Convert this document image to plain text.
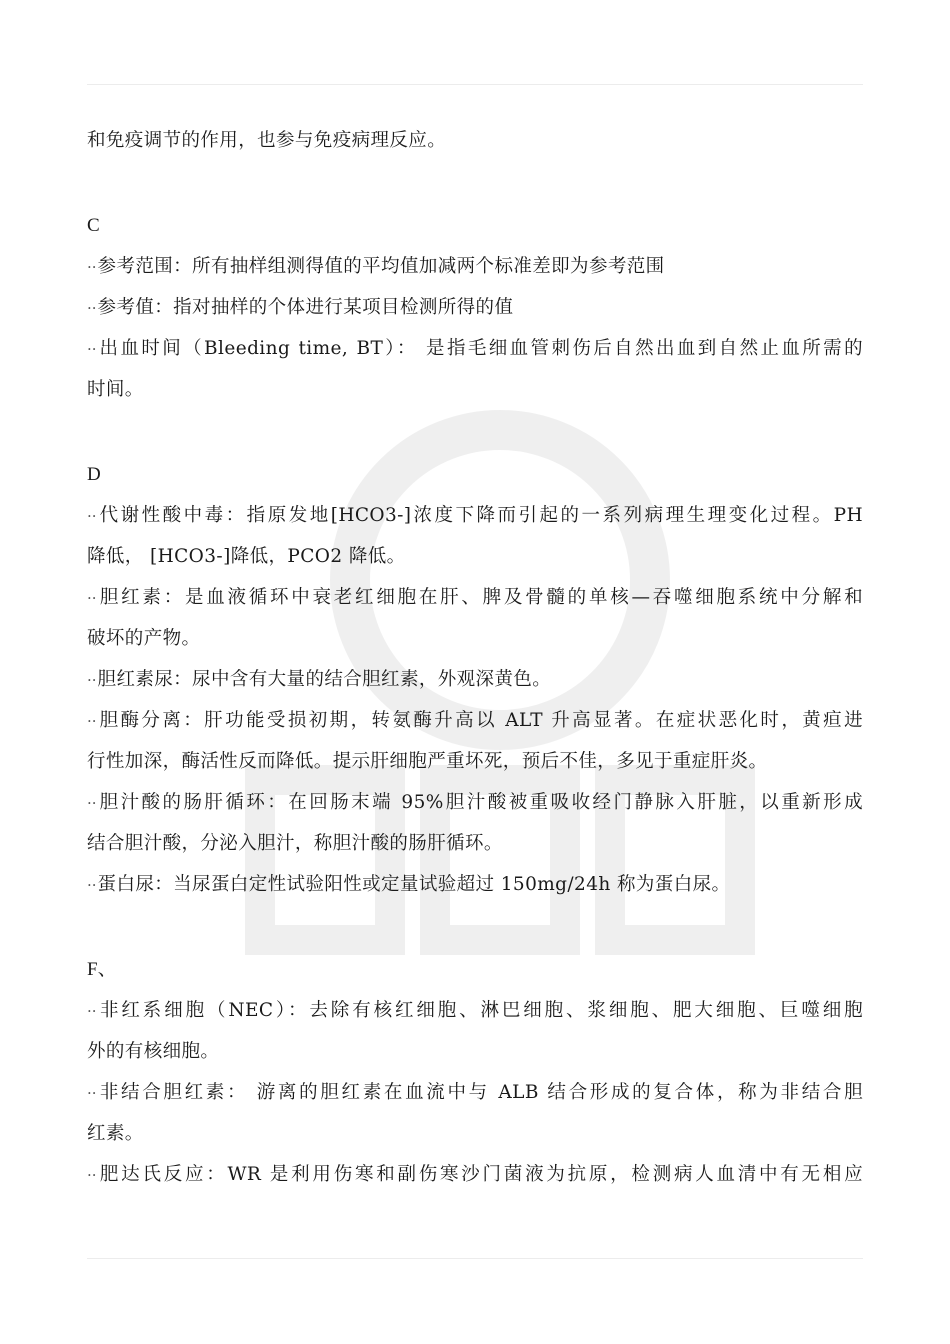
和免疫调节的作用，也参与免疫病理反应。
C
··参考范围：所有抽样组测得值的平均值加减两个标准差即为参考范围
··参考值：指对抽样的个体进行某项目检测所得的值
··出血时间（Bleeding time, BT）： 是指毛细血管刺伤后自然出血到自然止血所需的
时间。
D
··代谢性酸中毒：指原发地[HCO3-]浓度下降而引起的一系列病理生理变化过程。PH
降低， [HCO3-]降低，PCO2 降低。
··胆红素：是血液循环中衰老红细胞在肝、脾及骨髓的单核—吞噬细胞系统中分解和
破坏的产物。
··胆红素尿：尿中含有大量的结合胆红素，外观深黄色。
··胆酶分离：肝功能受损初期，转氨酶升高以 ALT 升高显著。在症状恶化时，黄疸进
行性加深，酶活性反而降低。提示肝细胞严重坏死，预后不佳，多见于重症肝炎。
··胆汁酸的肠肝循环：在回肠末端 95%胆汁酸被重吸收经门静脉入肝脏，以重新形成
结合胆汁酸，分泌入胆汁，称胆汁酸的肠肝循环。
··蛋白尿：当尿蛋白定性试验阳性或定量试验超过 150mg/24h 称为蛋白尿。
F、
··非红系细胞（NEC）：去除有核红细胞、淋巴细胞、浆细胞、肥大细胞、巨噬细胞
外的有核细胞。
··非结合胆红素： 游离的胆红素在血流中与 ALB 结合形成的复合体，称为非结合胆
红素。
··肥达氏反应：WR 是利用伤寒和副伤寒沙门菌液为抗原，检测病人血清中有无相应
